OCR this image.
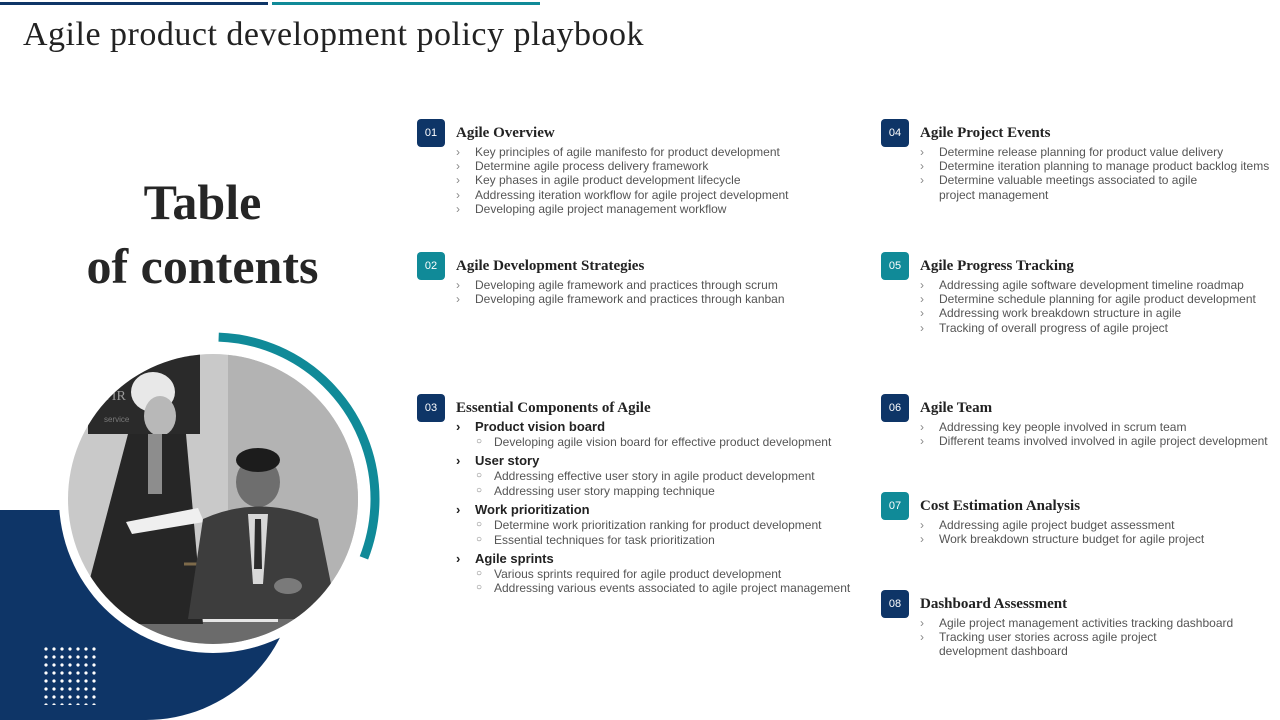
Agile product development policy playbook
Table
of contents
FIR
service
01	Agile Overview
› Key principles of agile manifesto for product development
› Determine agile process delivery framework
› Key phases in agile product development lifecycle
› Addressing iteration workflow for agile project development
› Developing agile project management workflow
02	Agile Development Strategies
› Developing agile framework and practices through scrum
› Developing agile framework and practices through kanban
03	Essential Components of Agile
› Product vision board
○ Developing agile vision board for effective product development
› User story
○ Addressing effective user story in agile product development
○ Addressing user story mapping technique
› Work prioritization
○ Determine work prioritization ranking for product development
○ Essential techniques for task prioritization
› Agile sprints
○ Various sprints required for agile product development
○ Addressing various events associated to agile project management
04	Agile Project Events
› Determine release planning for product value delivery
› Determine iteration planning to manage product backlog items
› Determine valuable meetings associated to agile
project management
05	Agile Progress Tracking
› Addressing agile software development timeline roadmap
› Determine schedule planning for agile product development
› Addressing work breakdown structure in agile
› Tracking of overall progress of agile project
06	Agile Team
› Addressing key people involved in scrum team
› Different teams involved involved in agile project development
07	Cost Estimation Analysis
› Addressing agile project budget assessment
› Work breakdown structure budget for agile project
08	Dashboard Assessment
› Agile project management activities tracking dashboard
› Tracking user stories across agile project
development dashboard
